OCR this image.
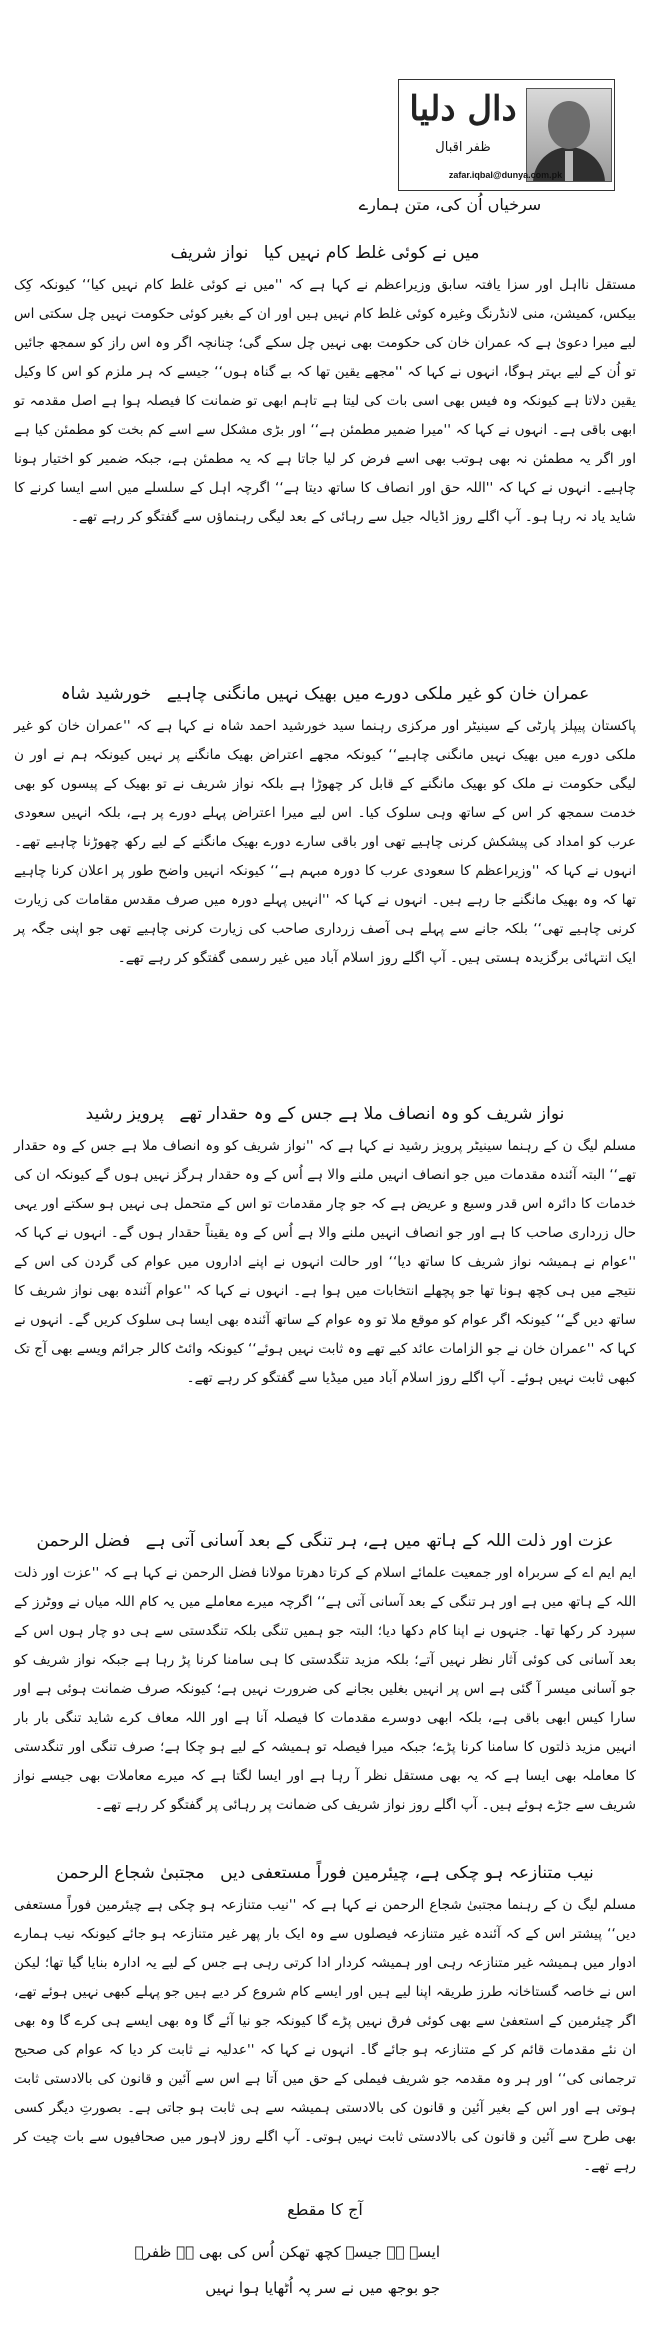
دال دلیا
ظفر اقبال
zafar.iqbal@dunya.com.pk
سرخیاں اُن کی، متن ہمارے
میں نے کوئی غلط کام نہیں کیا نواز شریف

مستقل نااہل اور سزا یافتہ سابق وزیراعظم نے کہا ہے کہ ''میں نے کوئی غلط کام نہیں کیا‘‘ کیونکہ کِک بیکس، کمیشن، منی لانڈرنگ وغیرہ کوئی غلط کام نہیں ہیں اور ان کے بغیر کوئی حکومت نہیں چل سکتی اس لیے میرا دعویٰ ہے کہ عمران خان کی حکومت بھی نہیں چل سکے گی؛ چنانچہ اگر وہ اس راز کو سمجھ جائیں تو اُن کے لیے بہتر ہوگا، انہوں نے کہا کہ ''مجھے یقین تھا کہ بے گناہ ہوں‘‘ جیسے کہ ہر ملزم کو اس کا وکیل یقین دلاتا ہے کیونکہ وہ فیس بھی اسی بات کی لیتا ہے تاہم ابھی تو ضمانت کا فیصلہ ہوا ہے اصل مقدمہ تو ابھی باقی ہے۔ انہوں نے کہا کہ ''میرا ضمیر مطمئن ہے‘‘ اور بڑی مشکل سے اسے کم بخت کو مطمئن کیا ہے اور اگر یہ مطمئن نہ بھی ہوتب بھی اسے فرض کر لیا جاتا ہے کہ یہ مطمئن ہے، جبکہ ضمیر کو اختیار ہونا چاہیے۔ انہوں نے کہا کہ ''اللہ حق اور انصاف کا ساتھ دیتا ہے‘‘ اگرچہ اہل کے سلسلے میں اسے ایسا کرنے کا شاید یاد نہ رہا ہو۔ آپ اگلے روز اڈیالہ جیل سے رہائی کے بعد لیگی رہنماؤں سے گفتگو کر رہے تھے۔

عمران خان کو غیر ملکی دورے میں بھیک نہیں مانگنی چاہیے خورشید شاہ

پاکستان پیپلز پارٹی کے سینیٹر اور مرکزی رہنما سید خورشید احمد شاہ نے کہا ہے کہ ''عمران خان کو غیر ملکی دورے میں بھیک نہیں مانگنی چاہیے‘‘ کیونکہ مجھے اعتراض بھیک مانگنے پر نہیں کیونکہ ہم نے اور ن لیگی حکومت نے ملک کو بھیک مانگنے کے قابل کر چھوڑا ہے بلکہ نواز شریف نے تو بھیک کے پیسوں کو بھی خدمت سمجھ کر اس کے ساتھ وہی سلوک کیا۔ اس لیے میرا اعتراض پہلے دورے پر ہے، بلکہ انہیں سعودی عرب کو امداد کی پیشکش کرنی چاہیے تھی اور باقی سارے دورے بھیک مانگنے کے لیے رکھ چھوڑنا چاہیے تھے۔ انہوں نے کہا کہ ''وزیراعظم کا سعودی عرب کا دورہ مبہم ہے‘‘ کیونکہ انہیں واضح طور پر اعلان کرنا چاہیے تھا کہ وہ بھیک مانگنے جا رہے ہیں۔ انہوں نے کہا کہ ''انہیں پہلے دورہ میں صرف مقدس مقامات کی زیارت کرنی چاہیے تھی‘‘ بلکہ جانے سے پہلے ہی آصف زرداری صاحب کی زیارت کرنی چاہیے تھی جو اپنی جگہ پر ایک انتہائی برگزیدہ ہستی ہیں۔ آپ اگلے روز اسلام آباد میں غیر رسمی گفتگو کر رہے تھے۔

نواز شریف کو وہ انصاف ملا ہے جس کے وہ حقدار تھے پرویز رشید

مسلم لیگ ن کے رہنما سینیٹر پرویز رشید نے کہا ہے کہ ''نواز شریف کو وہ انصاف ملا ہے جس کے وہ حقدار تھے‘‘ البتہ آئندہ مقدمات میں جو انصاف انہیں ملنے والا ہے اُس کے وہ حقدار ہرگز نہیں ہوں گے کیونکہ ان کی خدمات کا دائرہ اس قدر وسیع و عریض ہے کہ جو چار مقدمات تو اس کے متحمل ہی نہیں ہو سکتے اور یہی حال زرداری صاحب کا ہے اور جو انصاف انہیں ملنے والا ہے اُس کے وہ یقیناً حقدار ہوں گے۔ انہوں نے کہا کہ ''عوام نے ہمیشہ نواز شریف کا ساتھ دیا‘‘ اور حالت انہوں نے اپنے اداروں میں عوام کی گردن کی اس کے نتیجے میں ہی کچھ ہونا تھا جو پچھلے انتخابات میں ہوا ہے۔ انہوں نے کہا کہ ''عوام آئندہ بھی نواز شریف کا ساتھ دیں گے‘‘ کیونکہ اگر عوام کو موقع ملا تو وہ عوام کے ساتھ آئندہ بھی ایسا ہی سلوک کریں گے۔ انہوں نے کہا کہ ''عمران خان نے جو الزامات عائد کیے تھے وہ ثابت نہیں ہوئے‘‘ کیونکہ وائٹ کالر جرائم ویسے بھی آج تک کبھی ثابت نہیں ہوئے۔ آپ اگلے روز اسلام آباد میں میڈیا سے گفتگو کر رہے تھے۔

عزت اور ذلت اللہ کے ہاتھ میں ہے، ہر تنگی کے بعد آسانی آتی ہے فضل الرحمن

ایم ایم اے کے سربراہ اور جمعیت علمائے اسلام کے کرتا دھرتا مولانا فضل الرحمن نے کہا ہے کہ ''عزت اور ذلت اللہ کے ہاتھ میں ہے اور ہر تنگی کے بعد آسانی آتی ہے‘‘ اگرچہ میرے معاملے میں یہ کام اللہ میاں نے ووٹرز کے سپرد کر رکھا تھا۔ جنہوں نے اپنا کام دکھا دیا؛ البتہ جو ہمیں تنگی بلکہ تنگدستی سے ہی دو چار ہوں اس کے بعد آسانی کی کوئی آثار نظر نہیں آتے؛ بلکہ مزید تنگدستی کا ہی سامنا کرنا پڑ رہا ہے جبکہ نواز شریف کو جو آسانی میسر آ گئی ہے اس پر انہیں بغلیں بجانے کی ضرورت نہیں ہے؛ کیونکہ صرف ضمانت ہوئی ہے اور سارا کیس ابھی باقی ہے، بلکہ ابھی دوسرے مقدمات کا فیصلہ آنا ہے اور اللہ معاف کرے شاید تنگی بار بار انہیں مزید ذلتوں کا سامنا کرنا پڑے؛ جبکہ میرا فیصلہ تو ہمیشہ کے لیے ہو چکا ہے؛ صرف تنگی اور تنگدستی کا معاملہ بھی ایسا ہے کہ یہ بھی مستقل نظر آ رہا ہے اور ایسا لگتا ہے کہ میرے معاملات بھی جیسے نواز شریف سے جڑے ہوئے ہیں۔ آپ اگلے روز نواز شریف کی ضمانت پر رہائی پر گفتگو کر رہے تھے۔

نیب متنازعہ ہو چکی ہے، چیئرمین فوراً مستعفی دیں مجتبیٰ شجاع الرحمن

مسلم لیگ ن کے رہنما مجتبیٰ شجاع الرحمن نے کہا ہے کہ ''نیب متنازعہ ہو چکی ہے چیئرمین فوراً مستعفی دیں‘‘ پیشتر اس کے کہ آئندہ غیر متنازعہ فیصلوں سے وہ ایک بار پھر غیر متنازعہ ہو جائے کیونکہ نیب ہمارے ادوار میں ہمیشہ غیر متنازعہ رہی اور ہمیشہ کردار ادا کرتی رہی ہے جس کے لیے یہ ادارہ بنایا گیا تھا؛ لیکن اس نے خاصہ گستاخانہ طرز طریقہ اپنا لیے ہیں اور ایسے کام شروع کر دیے ہیں جو پہلے کبھی نہیں ہوئے تھے، اگر چیئرمین کے استعفیٰ سے بھی کوئی فرق نہیں پڑے گا کیونکہ جو نیا آئے گا وہ بھی ایسے ہی کرے گا وہ بھی ان نئے مقدمات قائم کر کے متنازعہ ہو جائے گا۔ انہوں نے کہا کہ ''عدلیہ نے ثابت کر دیا کہ عوام کی صحیح ترجمانی کی‘‘ اور ہر وہ مقدمہ جو شریف فیملی کے حق میں آتا ہے اس سے آئین و قانون کی بالادستی ثابت ہوتی ہے اور اس کے بغیر آئین و قانون کی بالادستی ہمیشہ سے ہی ثابت ہو جاتی ہے۔ بصورتِ دیگر کسی بھی طرح سے آئین و قانون کی بالادستی ثابت نہیں ہوتی۔ آپ اگلے روز لاہور میں صحافیوں سے بات چیت کر رہے تھے۔

آج کا مقطع
ایسے ہے جیسے کچھ تھکن اُس کی بھی ہے ظفرؔ
جو بوجھ میں نے سر پہ اُٹھایا ہوا نہیں
